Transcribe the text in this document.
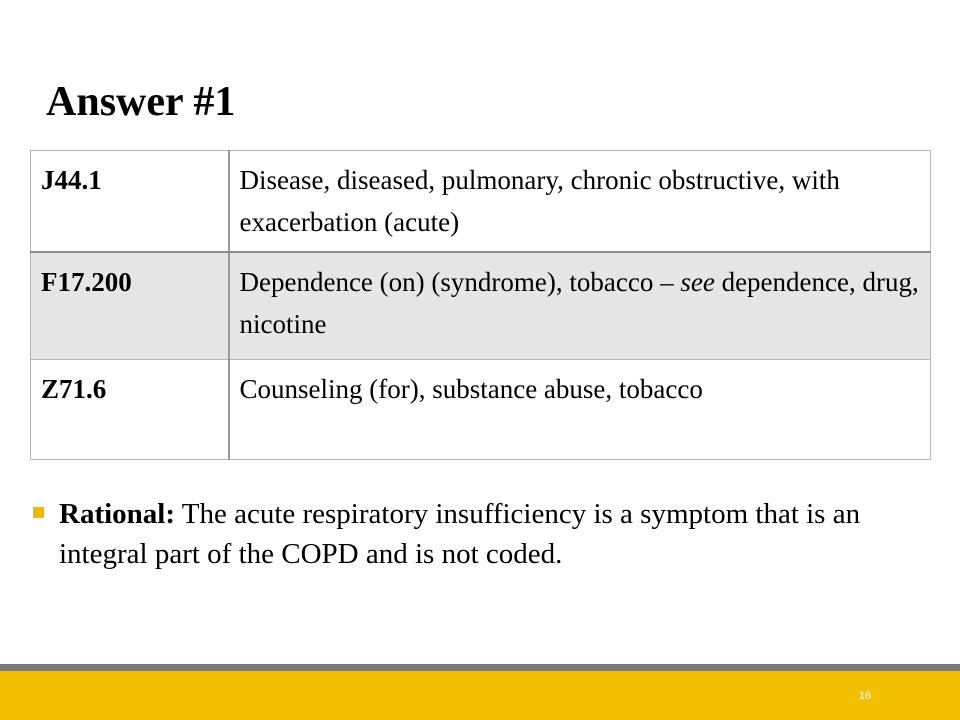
Answer #1
J44.1	Disease, diseased, pulmonary, chronic obstructive, with exacerbation (acute)
F17.200	Dependence (on) (syndrome), tobacco – see dependence, drug, nicotine
Z71.6	Counseling (for), substance abuse, tobacco
Rational: The acute respiratory insufficiency is a symptom that is an integral part of the COPD and is not coded.
16
